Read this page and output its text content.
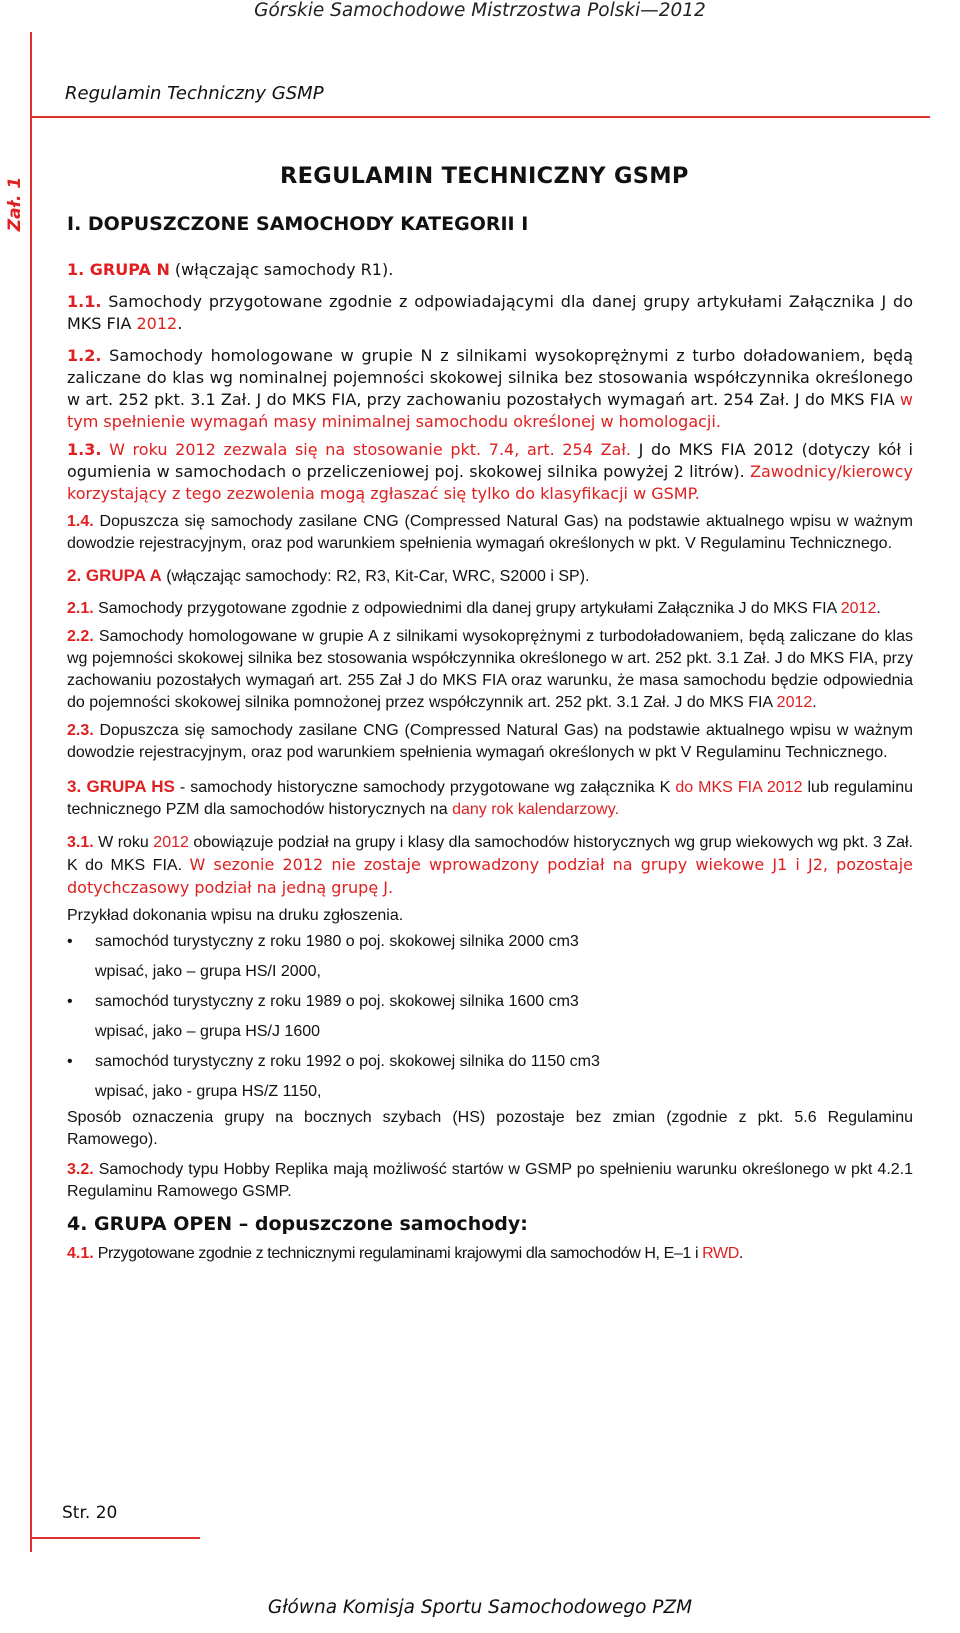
Górskie Samochodowe Mistrzostwa Polski—2012
Regulamin Techniczny GSMP
Zał. 1
REGULAMIN TECHNICZNY GSMP

I. DOPUSZCZONE SAMOCHODY KATEGORII I

1. GRUPA N (włączając samochody R1).

1.1. Samochody przygotowane zgodnie z odpowiadającymi dla danej grupy artykułami Załącznika J do MKS FIA 2012.

1.2. Samochody homologowane w grupie N z silnikami wysokoprężnymi z turbo doładowaniem, będą zaliczane do klas wg nominalnej pojemności skokowej silnika bez stosowania współczynnika określonego w art. 252 pkt. 3.1 Zał. J do MKS FIA, przy zachowaniu pozostałych wymagań art. 254 Zał. J do MKS FIA w tym spełnienie wymagań masy minimalnej samochodu określonej w homologacji.

1.3. W roku 2012 zezwala się na stosowanie pkt. 7.4, art. 254 Zał. J do MKS FIA 2012 (dotyczy kół i ogumienia w samochodach o przeliczeniowej poj. skokowej silnika powyżej 2 litrów). Zawodnicy/kierowcy korzystający z tego zezwolenia mogą zgłaszać się tylko do klasyfikacji w GSMP.

1.4. Dopuszcza się samochody zasilane CNG (Compressed Natural Gas) na podstawie aktualnego wpisu w ważnym dowodzie rejestracyjnym, oraz pod warunkiem spełnienia wymagań określonych w pkt. V Regulaminu Technicznego.

2. GRUPA A (włączając samochody: R2, R3, Kit-Car, WRC, S2000 i SP).

2.1. Samochody przygotowane zgodnie z odpowiednimi dla danej grupy artykułami Załącznika J do MKS FIA 2012.

2.2. Samochody homologowane w grupie A z silnikami wysokoprężnymi z turbodoładowaniem, będą zaliczane do klas wg pojemności skokowej silnika bez stosowania współczynnika określonego w art. 252 pkt. 3.1 Zał. J do MKS FIA, przy zachowaniu pozostałych wymagań art. 255 Zał J do MKS FIA oraz warunku, że masa samochodu będzie odpowiednia do pojemności skokowej silnika pomnożonej przez współczynnik art. 252 pkt. 3.1 Zał. J do MKS FIA 2012.

2.3. Dopuszcza się samochody zasilane CNG (Compressed Natural Gas) na podstawie aktualnego wpisu w ważnym dowodzie rejestracyjnym, oraz pod warunkiem spełnienia wymagań określonych w pkt V Regulaminu Technicznego.

3. GRUPA HS - samochody historyczne samochody przygotowane wg załącznika K do MKS FIA 2012 lub regulaminu technicznego PZM dla samochodów historycznych na dany rok kalendarzowy.

3.1. W roku 2012 obowiązuje podział na grupy i klasy dla samochodów historycznych wg grup wiekowych wg pkt. 3 Zał. K do MKS FIA. W sezonie 2012 nie zostaje wprowadzony podział na grupy wiekowe J1 i J2, pozostaje dotychczasowy podział na jedną grupę J.

Przykład dokonania wpisu na druku zgłoszenia.

• samochód turystyczny z roku 1980 o poj. skokowej silnika 2000 cm3
wpisać, jako – grupa HS/I 2000,
• samochód turystyczny z roku 1989 o poj. skokowej silnika 1600 cm3
wpisać, jako – grupa HS/J 1600
• samochód turystyczny z roku 1992 o poj. skokowej silnika do 1150 cm3
wpisać, jako - grupa HS/Z 1150,

Sposób oznaczenia grupy na bocznych szybach (HS) pozostaje bez zmian (zgodnie z pkt. 5.6 Regulaminu Ramowego).

3.2. Samochody typu Hobby Replika mają możliwość startów w GSMP po spełnieniu warunku określonego w pkt 4.2.1 Regulaminu Ramowego GSMP.

4. GRUPA OPEN – dopuszczone samochody:

4.1. Przygotowane zgodnie z technicznymi regulaminami krajowymi dla samochodów H, E–1 i RWD.

Str. 20
Główna Komisja Sportu Samochodowego PZM
